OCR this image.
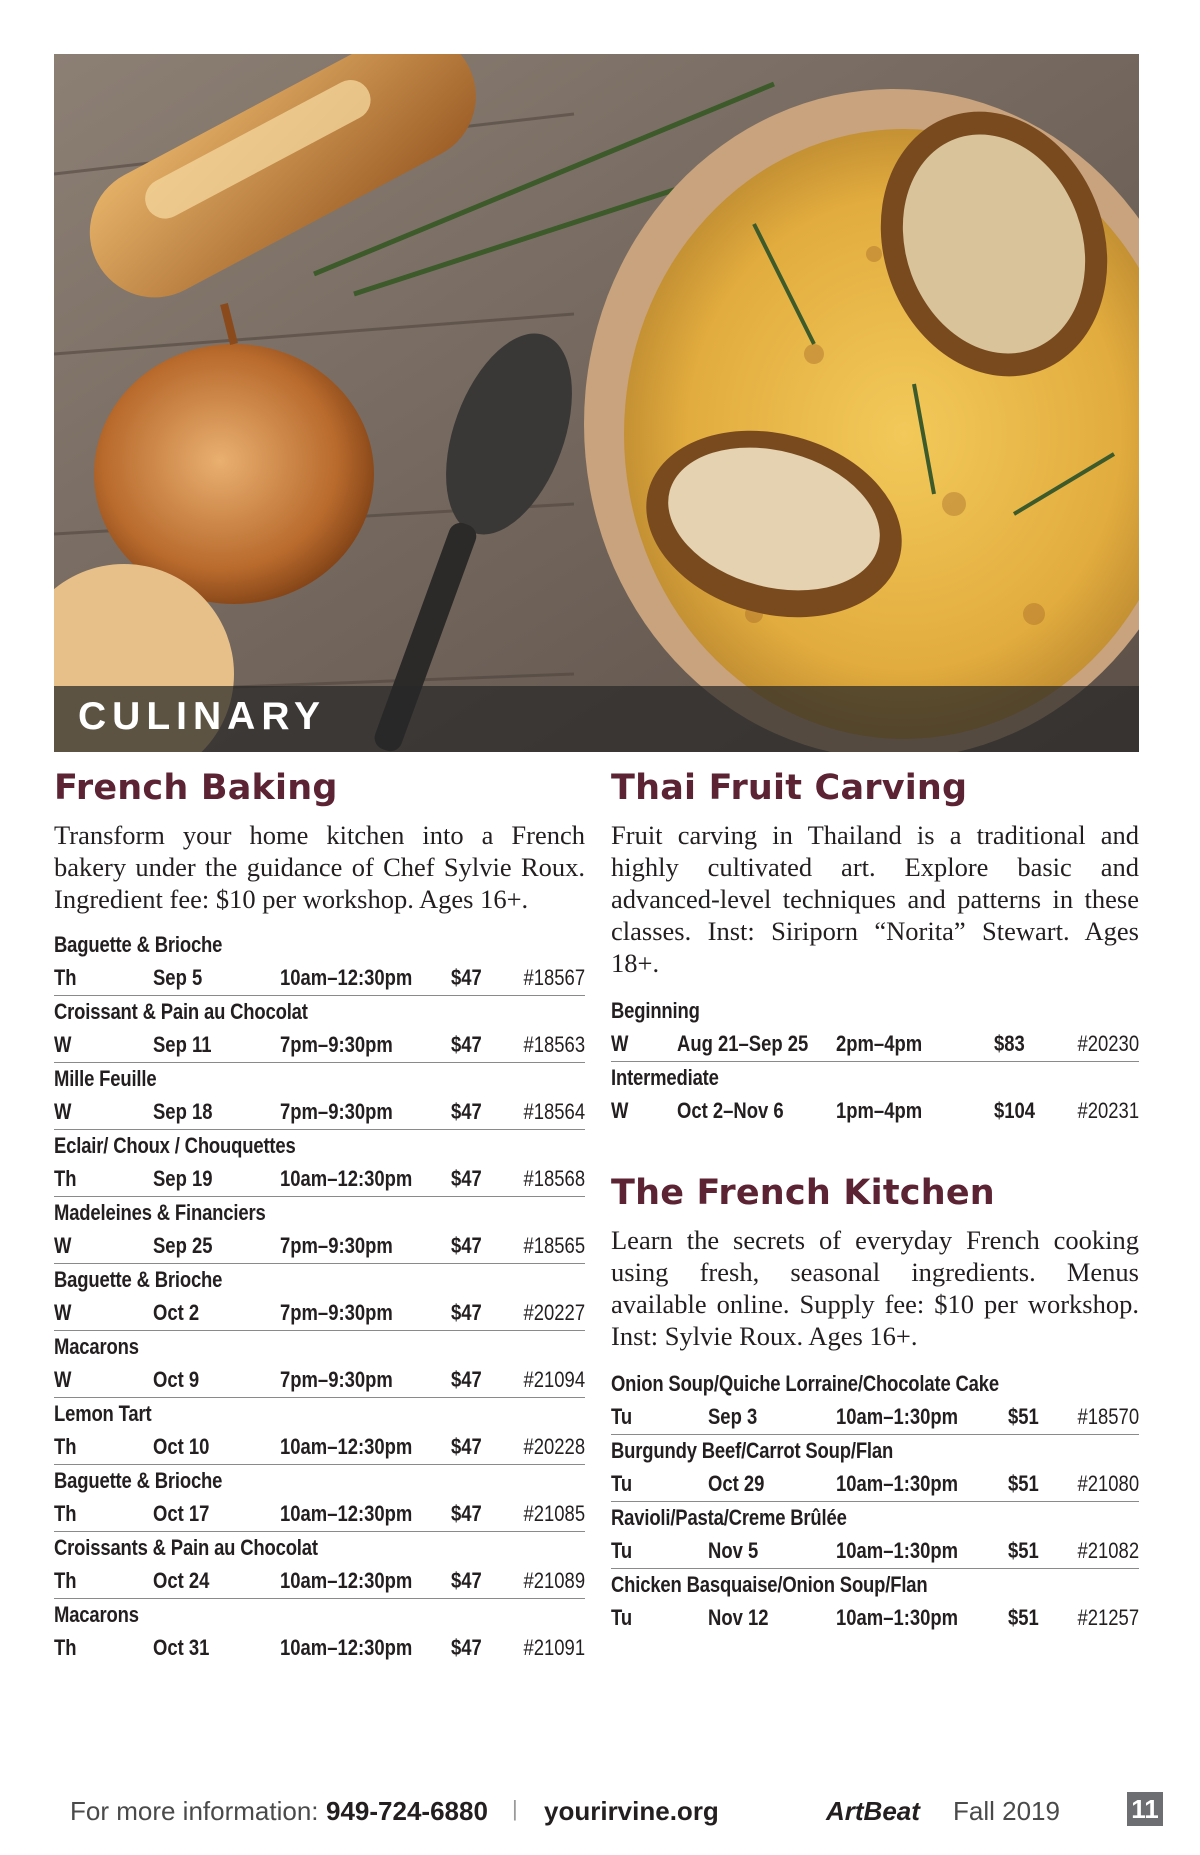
CULINARY
French Baking

Transform your home kitchen into a French bakery under the guidance of Chef Sylvie Roux. Ingredient fee: $10 per workshop. Ages 16+.

Baguette & Brioche
Th	Sep 5	10am–12:30pm $47 #18567
Croissant & Pain au Chocolat
W	Sep 11	7pm–9:30pm	$47 #18563
Mille Feuille
W	Sep 18	7pm–9:30pm	$47 #18564
Eclair/ Choux / Chouquettes
Th	Sep 19	10am–12:30pm $47 #18568
Madeleines & Financiers
W	Sep 25	7pm–9:30pm	$47 #18565
Baguette & Brioche
W	Oct 2	7pm–9:30pm	$47 #20227
Macarons
W	Oct 9	7pm–9:30pm	$47 #21094
Lemon Tart
Th	Oct 10	10am–12:30pm $47 #20228
Baguette & Brioche
Th	Oct 17	10am–12:30pm $47 #21085
Croissants & Pain au Chocolat
Th	Oct 24	10am–12:30pm $47 #21089
Macarons
Th	Oct 31	10am–12:30pm $47 #21091
Thai Fruit Carving

Fruit carving in Thailand is a traditional and highly cultivated art. Explore basic and advanced-level techniques and patterns in these classes. Inst: Siriporn “Norita” Stewart. Ages 18+.

Beginning
W Aug 21–Sep 25 2pm–4pm	$83 #20230
Intermediate
W Oct 2–Nov 6 1pm–4pm	$104 #20231
The French Kitchen

Learn the secrets of everyday French cooking using fresh, seasonal ingredients. Menus available online. Supply fee: $10 per workshop. Inst: Sylvie Roux. Ages 16+.

Onion Soup/Quiche Lorraine/Chocolate Cake
Tu	Sep 3	10am–1:30pm $51 #18570
Burgundy Beef/Carrot Soup/Flan
Tu	Oct 29	10am–1:30pm $51 #21080
Ravioli/Pasta/Creme Brûlée
Tu	Nov 5	10am–1:30pm $51 #21082
Chicken Basquaise/Onion Soup/Flan
Tu	Nov 12	10am–1:30pm $51 #21257
For more information: 949-724-6880 | yourirvine.org	ArtBeat Fall 2019	11
